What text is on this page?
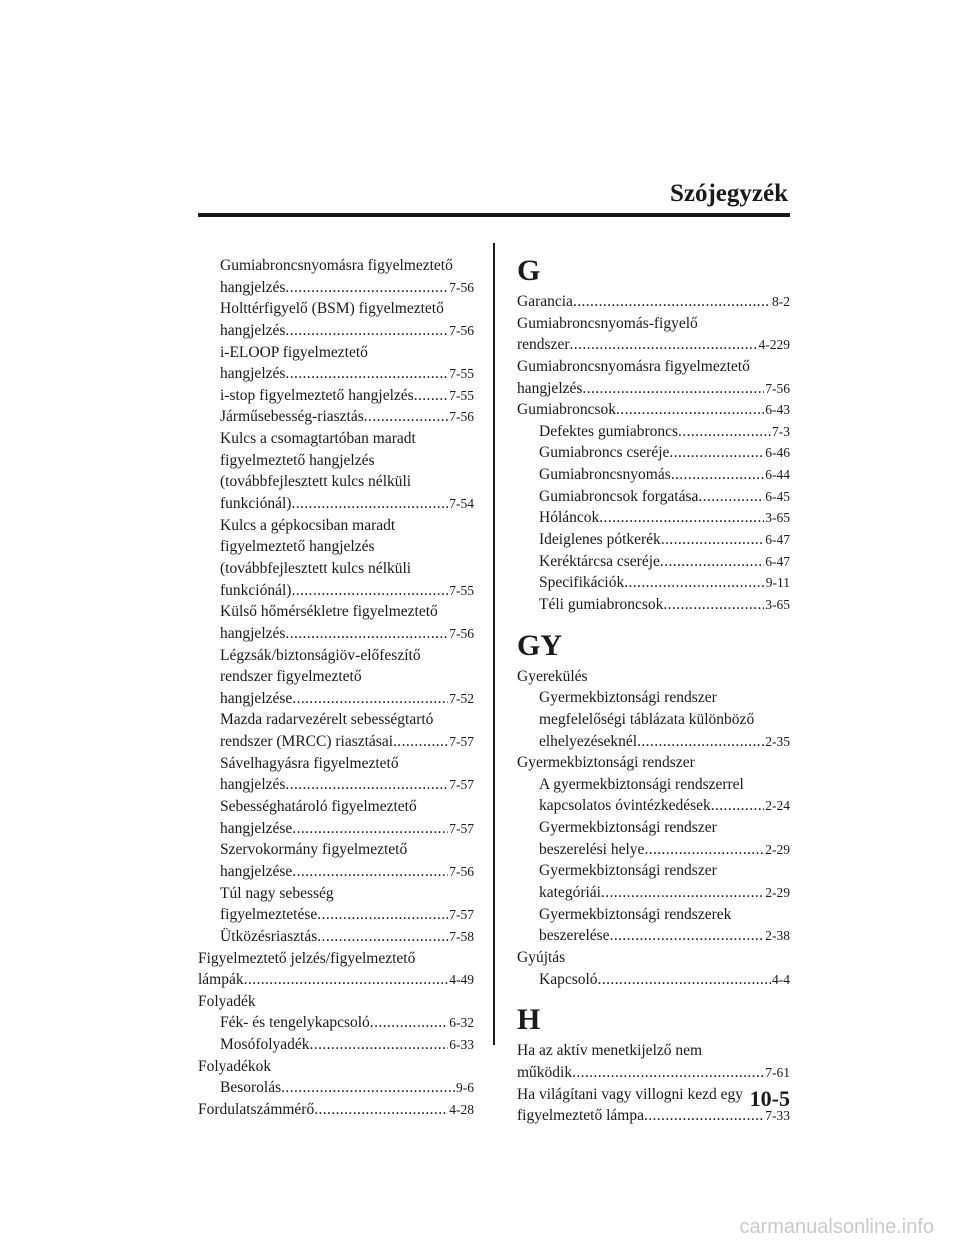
Szójegyzék
Gumiabroncsnyomásra figyelmeztető
hangjelzés .....	7-56
Holttérfigyelő (BSM) figyelmeztető
hangjelzés .....	7-56
i-ELOOP figyelmeztető
hangjelzés .....	7-55
i-stop figyelmeztető hangjelzés .....	7-55
Járműsebesség-riasztás .....	7-56
Kulcs a csomagtartóban maradt
figyelmeztető hangjelzés
(továbbfejlesztett kulcs nélküli
funkciónál) .....	7-54
Kulcs a gépkocsiban maradt
figyelmeztető hangjelzés
(továbbfejlesztett kulcs nélküli
funkciónál) .....	7-55
Külső hőmérsékletre figyelmeztető
hangjelzés .....	7-56
Légzsák/biztonságiöv-előfeszítő
rendszer figyelmeztető
hangjelzése .....	7-52
Mazda radarvezérelt sebességtartó
rendszer (MRCC) riasztásai .....	7-57
Sávelhagyásra figyelmeztető
hangjelzés .....	7-57
Sebességhatároló figyelmeztető
hangjelzése .....	7-57
Szervokormány figyelmeztető
hangjelzése .....	7-56
Túl nagy sebesség
figyelmeztetése .....	7-57
Ütközésriasztás .....	7-58
Figyelmeztető jelzés/figyelmeztető
lámpák .....	4-49
Folyadék
Fék- és tengelykapcsoló .....	6-32
Mosófolyadék .....	6-33
Folyadékok
Besorolás .....	9-6
Fordulatszámmérő .....	4-28
G
Garancia .....	8-2
Gumiabroncsnyomás-figyelő
rendszer .....	4-229
Gumiabroncsnyomásra figyelmeztető
hangjelzés .....	7-56
Gumiabroncsok .....	6-43
Defektes gumiabroncs .....	7-3
Gumiabroncs cseréje .....	6-46
Gumiabroncsnyomás .....	6-44
Gumiabroncsok forgatása .....	6-45
Hóláncok .....	3-65
Ideiglenes pótkerék .....	6-47
Keréktárcsa cseréje .....	6-47
Specifikációk .....	9-11
Téli gumiabroncsok .....	3-65
GY
Gyerekülés
Gyermekbiztonsági rendszer
megfelelőségi táblázata különböző
elhelyezéseknél .....	2-35
Gyermekbiztonsági rendszer
A gyermekbiztonsági rendszerrel
kapcsolatos óvintézkedések .....	2-24
Gyermekbiztonsági rendszer
beszerelési helye .....	2-29
Gyermekbiztonsági rendszer
kategóriái .....	2-29
Gyermekbiztonsági rendszerek
beszerelése .....	2-38
Gyújtás
Kapcsoló .....	4-4
H
Ha az aktív menetkijelző nem
működik .....	7-61
Ha világítani vagy villogni kezd egy
figyelmeztető lámpa .....	7-33
10-5
carmanualsonline.info
